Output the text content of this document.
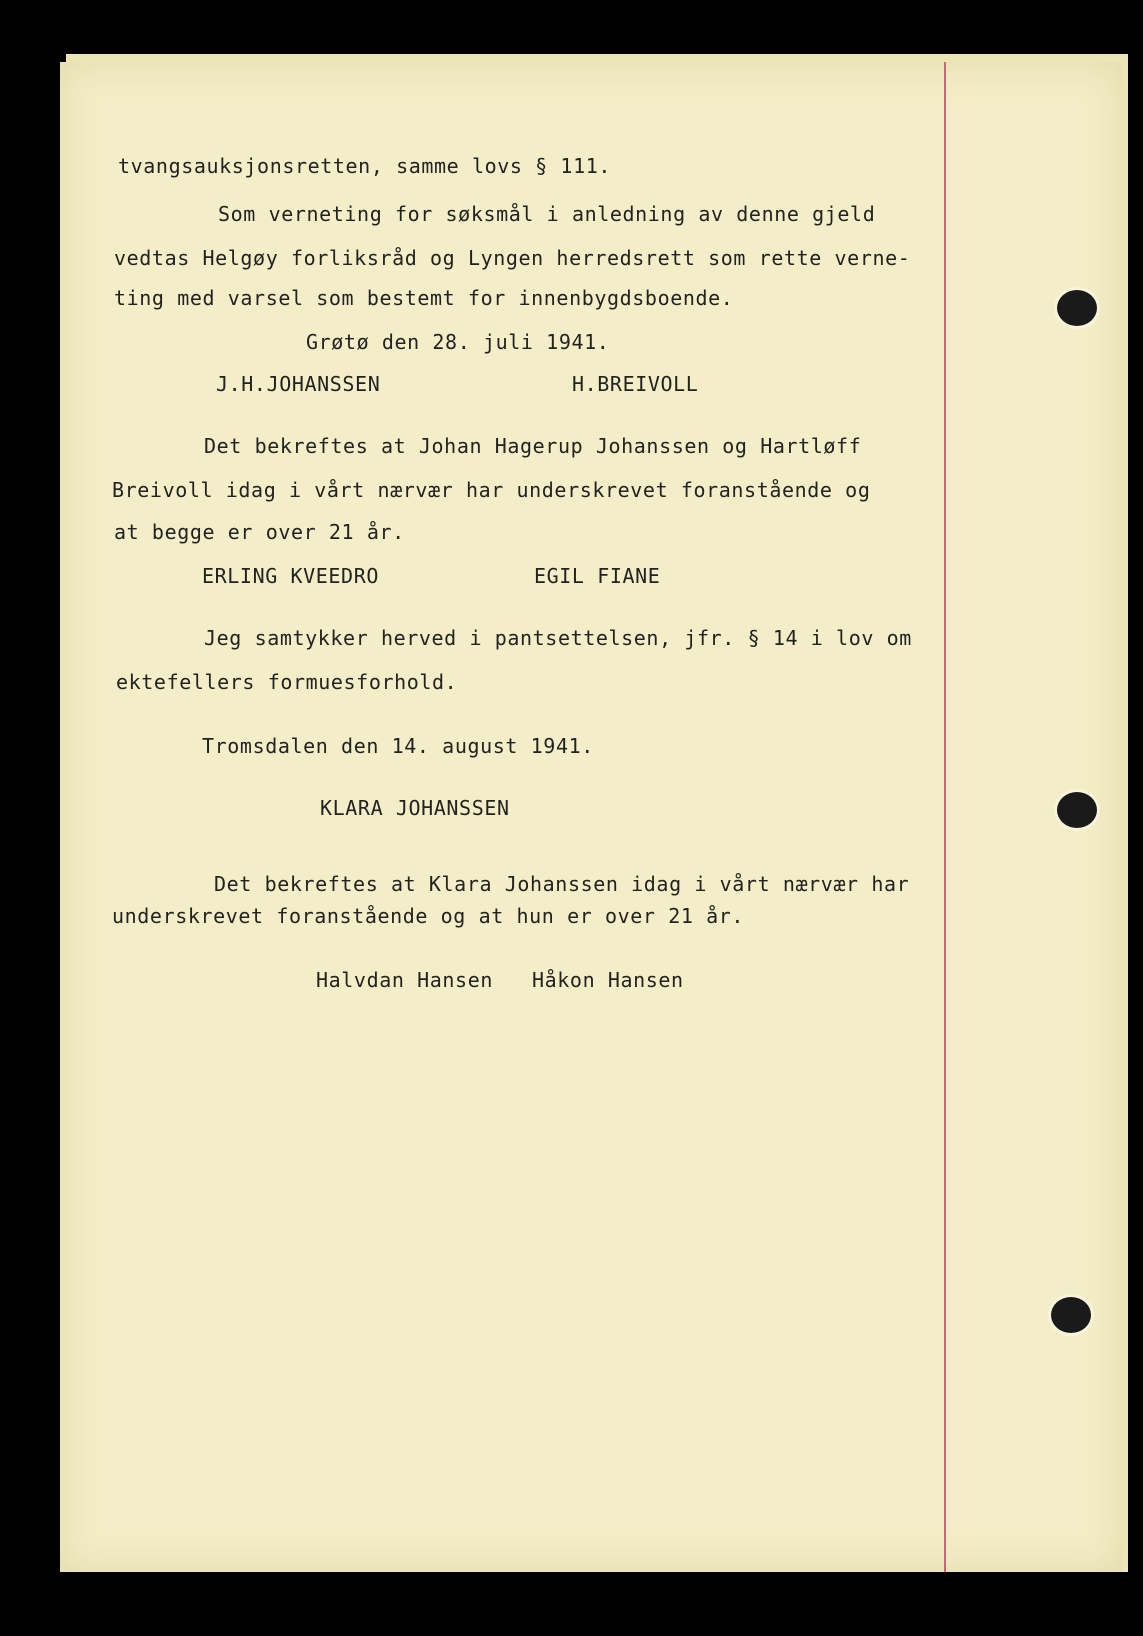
tvangsauksjonsretten, samme lovs § 111.
Som verneting for søksmål i anledning av denne gjeld
vedtas Helgøy forliksråd og Lyngen herredsrett som rette verne-
ting med varsel som bestemt for innenbygdsboende.
Grøtø den 28. juli 1941.
J.H.JOHANSSEN	H.BREIVOLL
Det bekreftes at Johan Hagerup Johanssen og Hartløff
Breivoll idag i vårt nærvær har underskrevet foranstående og
at begge er over 21 år.
ERLING KVEEDRO	EGIL FIANE
Jeg samtykker herved i pantsettelsen, jfr. § 14 i lov om
ektefellers formuesforhold.
Tromsdalen den 14. august 1941.
KLARA JOHANSSEN
Det bekreftes at Klara Johanssen idag i vårt nærvær har
underskrevet foranstående og at hun er over 21 år.
Halvdan Hansen Håkon Hansen
